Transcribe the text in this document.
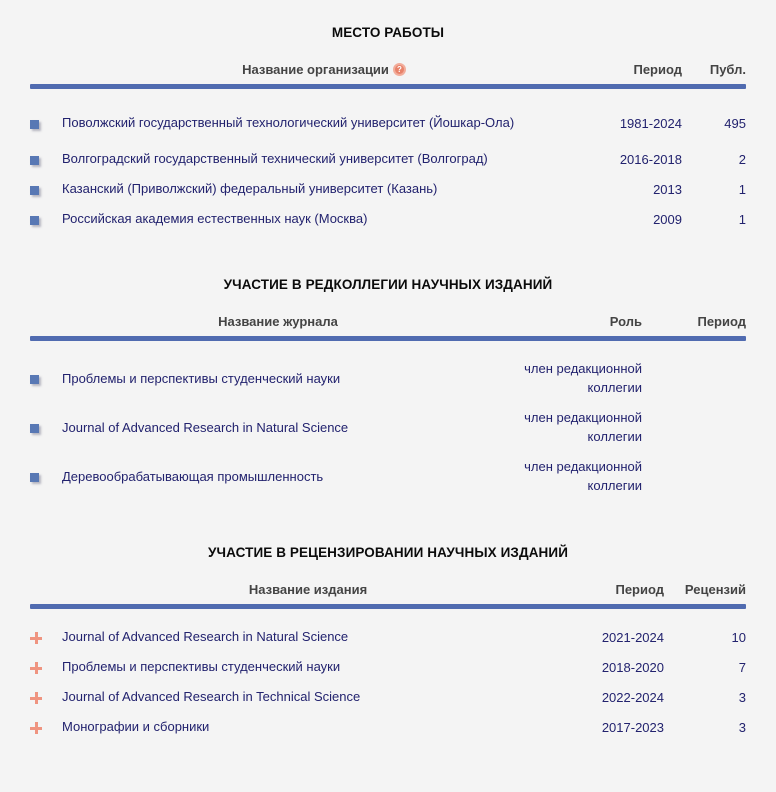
МЕСТО РАБОТЫ
	Название организации ?	Период	Публ.

	Поволжский государственный технологический университет (Йошкар-Ола)	1981-2024	495
	Волгоградский государственный технический университет (Волгоград)	2016-2018	2
	Казанский (Приволжский) федеральный университет (Казань)	2013	1
	Российская академия естественных наук (Москва)	2009	1
УЧАСТИЕ В РЕДКОЛЛЕГИИ НАУЧНЫХ ИЗДАНИЙ
	Название журнала	Роль	Период

	Проблемы и перспективы студенческий науки	член редакционной коллегии	
	Journal of Advanced Research in Natural Science	член редакционной коллегии	
	Деревообрабатывающая промышленность	член редакционной коллегии	
УЧАСТИЕ В РЕЦЕНЗИРОВАНИИ НАУЧНЫХ ИЗДАНИЙ
	Название издания	Период	Рецензий

	Journal of Advanced Research in Natural Science	2021-2024	10
	Проблемы и перспективы студенческий науки	2018-2020	7
	Journal of Advanced Research in Technical Science	2022-2024	3
	Монографии и сборники	2017-2023	3
